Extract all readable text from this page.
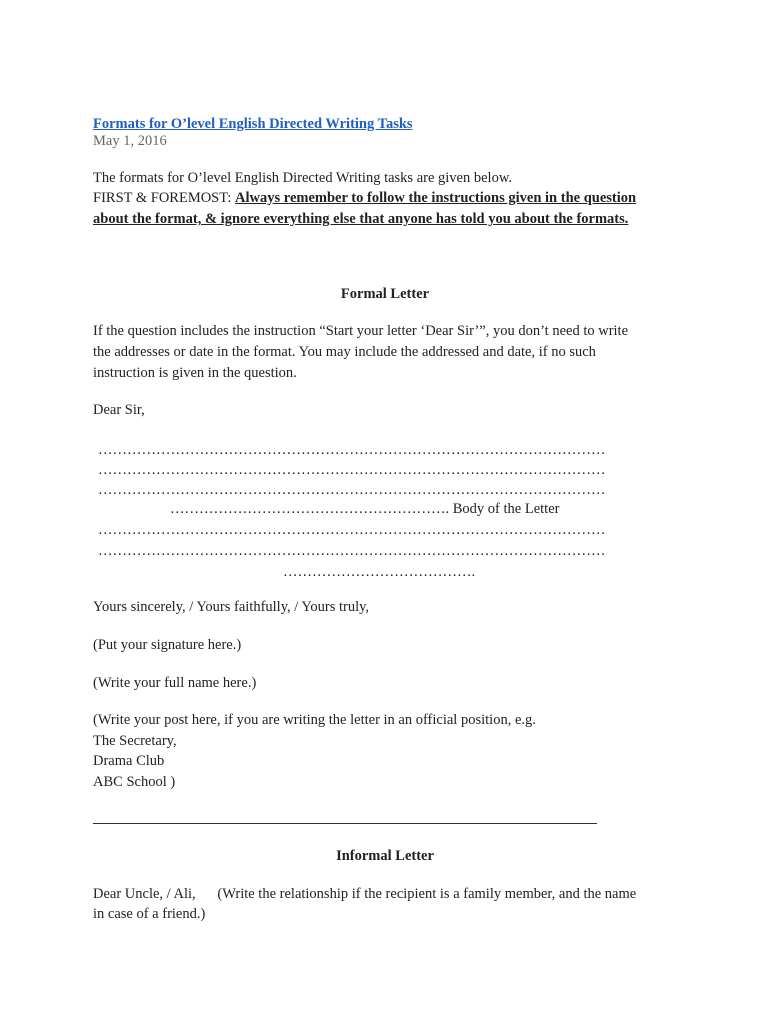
Formats for O’level English Directed Writing Tasks

May 1, 2016

The formats for O’level English Directed Writing tasks are given below.

FIRST & FOREMOST: Always remember to follow the instructions given in the question

about the format, & ignore everything else that anyone has told you about the formats.

Formal Letter

If the question includes the instruction “Start your letter ‘Dear Sir’”, you don’t need to write

the addresses or date in the format. You may include the addressed and date, if no such

instruction is given in the question.

Dear Sir,

……………………………………………………………………………………………

……………………………………………………………………………………………

……………………………………………………………………………………………

…………………………………………………. Body of the Letter

……………………………………………………………………………………………

……………………………………………………………………………………………

………………………………….

Yours sincerely, / Yours faithfully, / Yours truly,

(Put your signature here.)

(Write your full name here.)

(Write your post here, if you are writing the letter in an official position, e.g.

The Secretary,

Drama Club

ABC School )

Informal Letter

Dear Uncle, / Ali,      (Write the relationship if the recipient is a family member, and the name

in case of a friend.)
